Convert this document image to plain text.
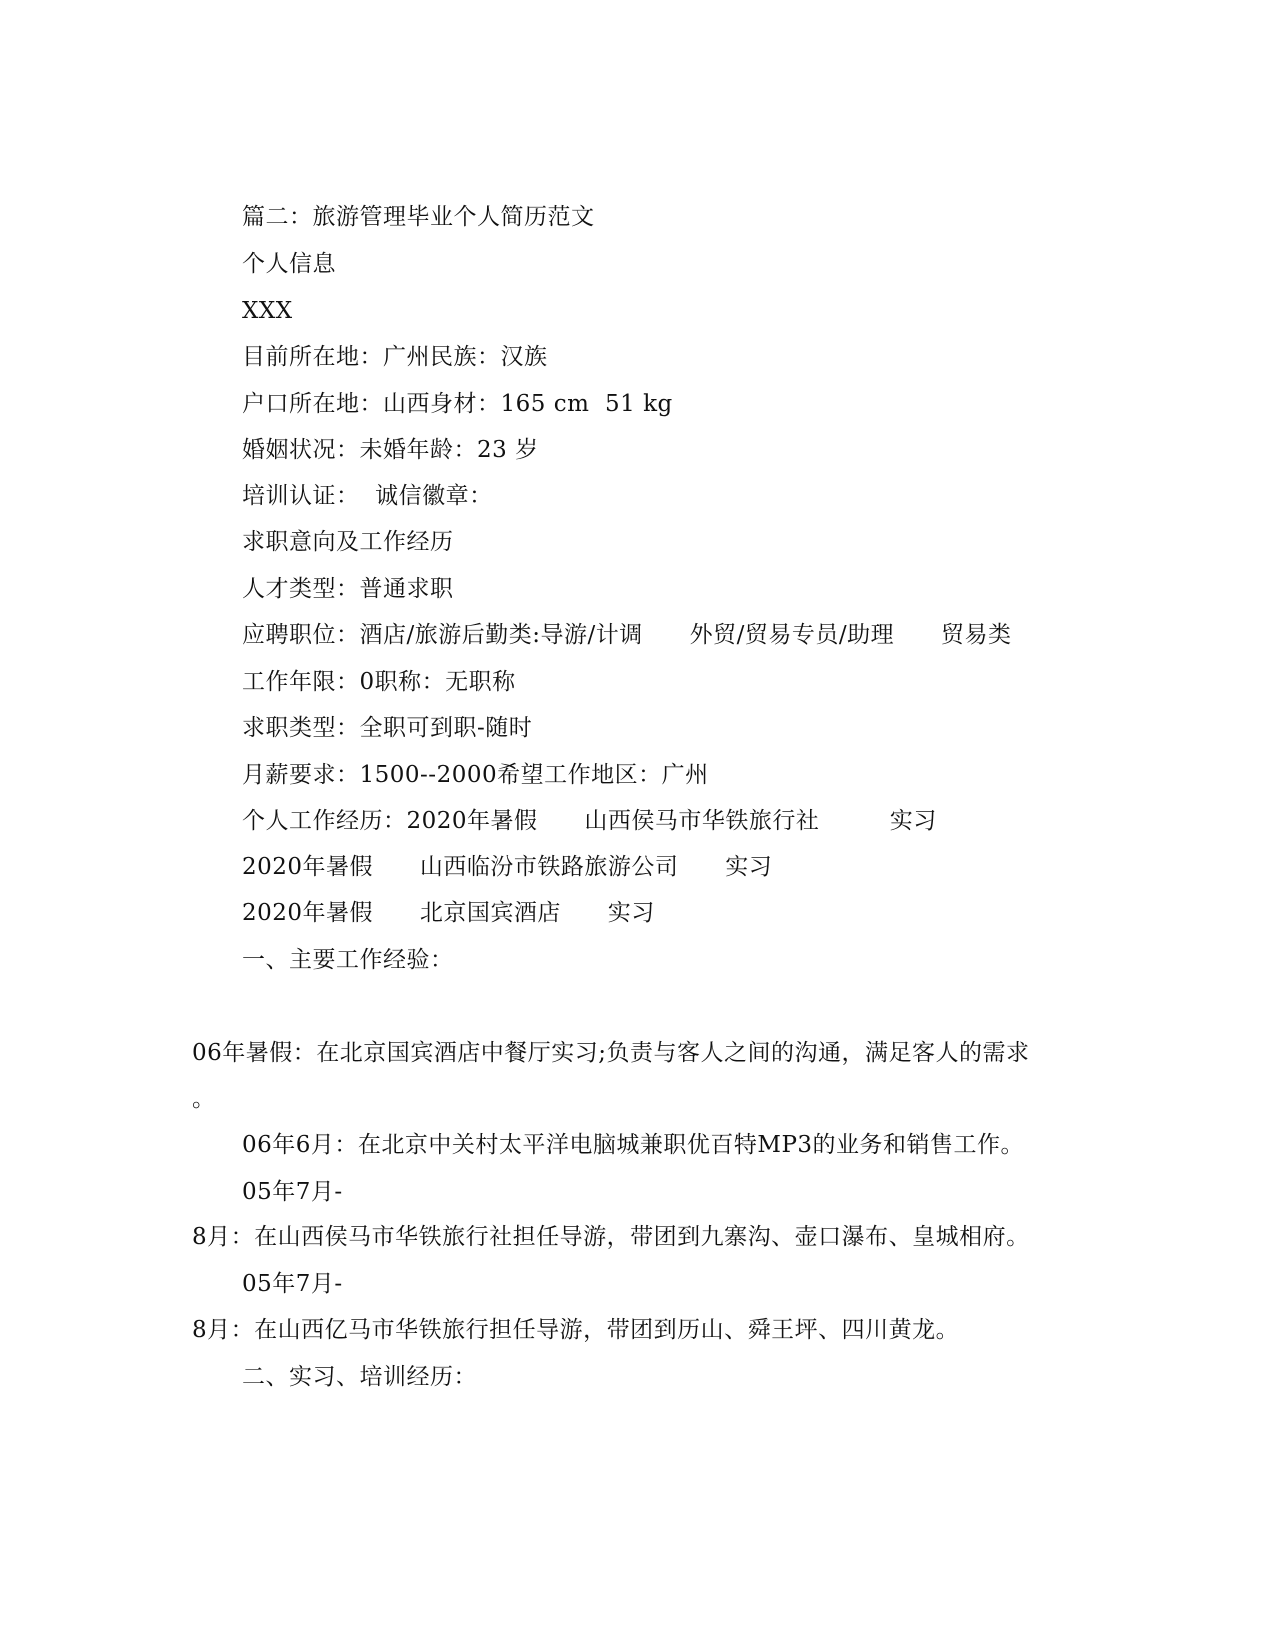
篇二：旅游管理毕业个人简历范文
个人信息
XXX
目前所在地：广州民族：汉族
户口所在地：山西身材：165 cm  51 kg
婚姻状况：未婚年龄：23 岁
培训认证：  诚信徽章：
求职意向及工作经历
人才类型：普通求职
应聘职位：酒店/旅游后勤类:导游/计调      外贸/贸易专员/助理      贸易类
工作年限：0职称：无职称
求职类型：全职可到职-随时
月薪要求：1500--2000希望工作地区：广州
个人工作经历：2020年暑假      山西侯马市华铁旅行社         实习
2020年暑假      山西临汾市铁路旅游公司      实习
2020年暑假      北京国宾酒店      实习
一、主要工作经验：
06年暑假：在北京国宾酒店中餐厅实习;负责与客人之间的沟通，满足客人的需求
。
06年6月：在北京中关村太平洋电脑城兼职优百特MP3的业务和销售工作。
05年7月-
8月：在山西侯马市华铁旅行社担任导游，带团到九寨沟、壶口瀑布、皇城相府。
05年7月-
8月：在山西亿马市华铁旅行担任导游，带团到历山、舜王坪、四川黄龙。
二、实习、培训经历：
